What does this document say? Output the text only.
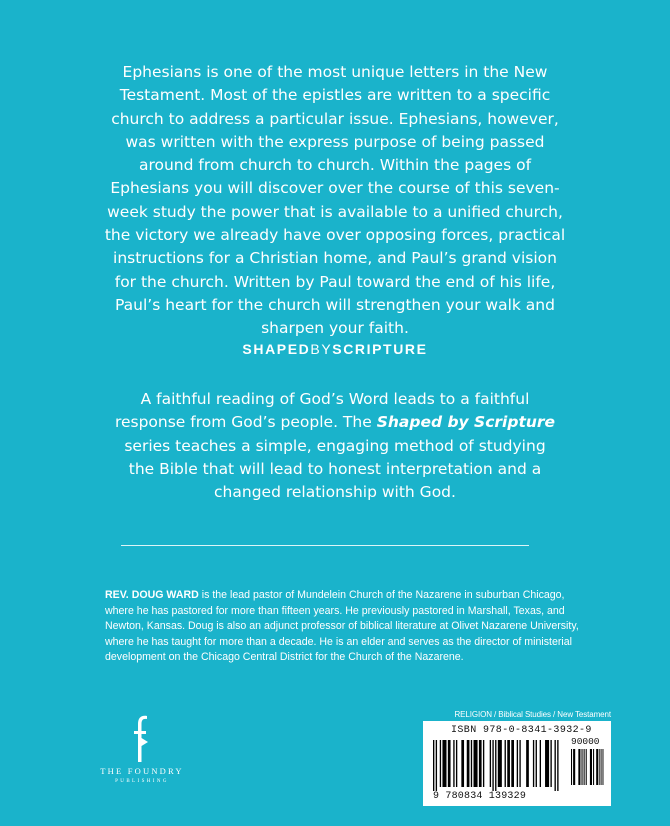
Ephesians is one of the most unique letters in the New Testament. Most of the epistles are written to a specific church to address a particular issue. Ephesians, however, was written with the express purpose of being passed around from church to church. Within the pages of Ephesians you will discover over the course of this seven-week study the power that is available to a unified church, the victory we already have over opposing forces, practical instructions for a Christian home, and Paul’s grand vision for the church. Written by Paul toward the end of his life, Paul’s heart for the church will strengthen your walk and sharpen your faith.
SHAPEDBYSCRIPTURE
A faithful reading of God’s Word leads to a faithful response from God’s people. The Shaped by Scripture series teaches a simple, engaging method of studying the Bible that will lead to honest interpretation and a changed relationship with God.
REV. DOUG WARD is the lead pastor of Mundelein Church of the Nazarene in suburban Chicago, where he has pastored for more than fifteen years. He previously pastored in Marshall, Texas, and Newton, Kansas. Doug is also an adjunct professor of biblical literature at Olivet Nazarene University, where he has taught for more than a decade. He is an elder and serves as the director of ministerial development on the Chicago Central District for the Church of the Nazarene.
THE FOUNDRY
PUBLISHING
RELIGION / Biblical Studies / New Testament
ISBN 978-0-8341-3932-9
90000
9 780834 139329
